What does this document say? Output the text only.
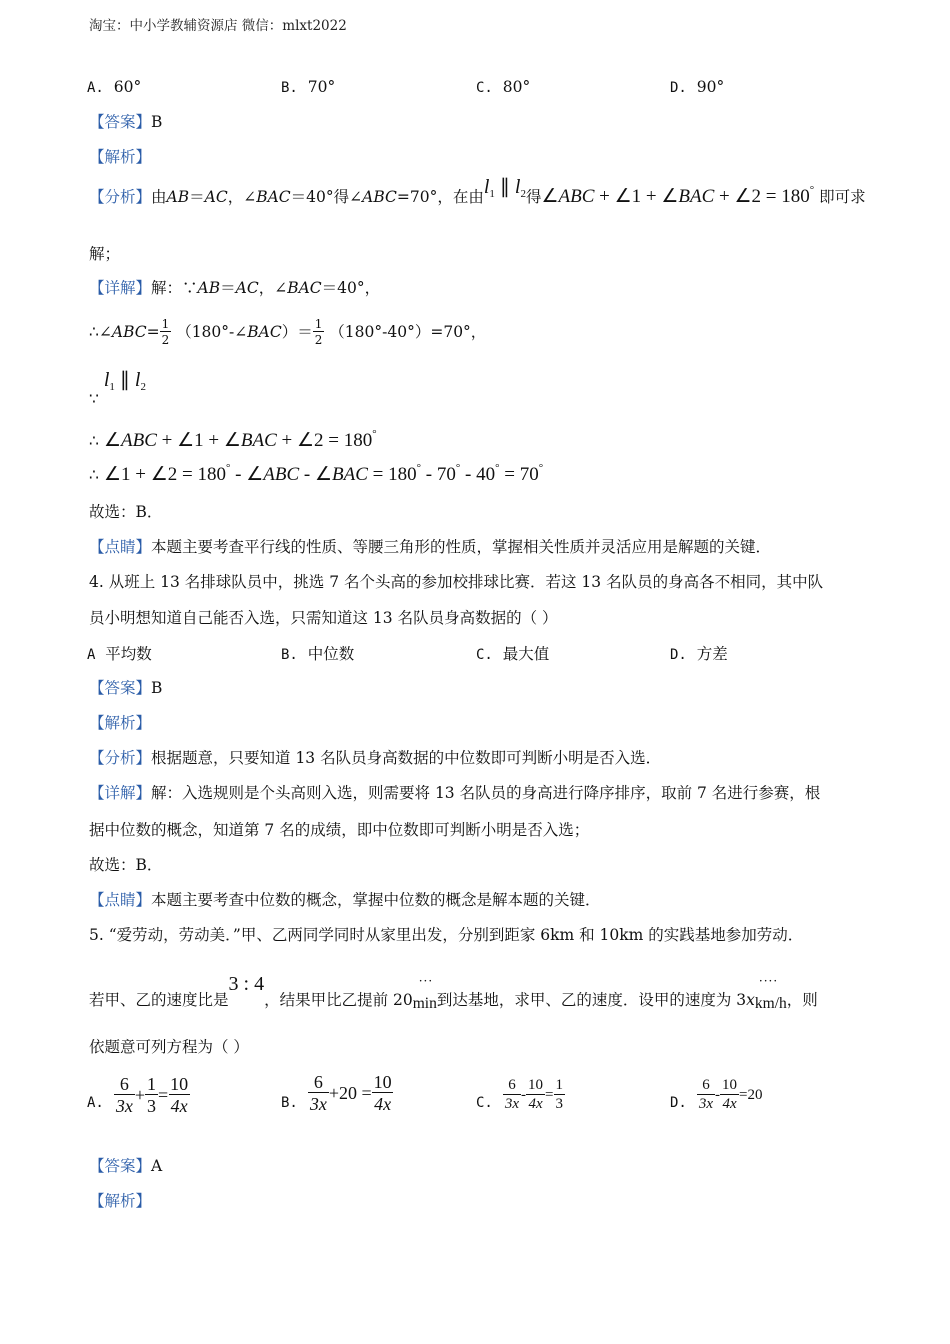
淘宝：中小学教辅资源店 微信：mlxt2022
A. 60°	B. 70°	C. 80°	D. 90°
【答案】B
【解析】
【分析】 由 AB ＝ AC ，∠ BAC ＝40°得∠ ABC =70°，在由 $l_1$ ∥ $l_2$ 得 ∠ABC + ∠1 + ∠BAC + ∠2 = 180°
即可求
解；
【详解】解：∵AB＝AC，∠BAC＝40°，
∴ ∠ ABC = $\frac{1}{2}$
（180°-∠ BAC ）＝ $\frac{1}{2}$
（180°-40°）=70°，
∵ $l_1$ ∥ $l_2$
∴ ∠ABC + ∠1 + ∠BAC + ∠2 = 180°
∴ ∠1 + ∠2 = 180° - ∠ABC - ∠BAC = 180° - 70° - 40° = 70°
故选：B．
【点睛】本题主要考查平行线的性质、等腰三角形的性质，掌握相关性质并灵活应用是解题的关键．
4. 从班上 13 名排球队员中，挑选 7 名个头高的参加校排球比赛．若这 13 名队员的身高各不相同，其中队
员小明想知道自己能否入选，只需知道这 13 名队员身高数据的（ ）
A 平均数	B. 中位数	C. 最大值	D. 方差
【答案】B
【解析】
【分析】根据题意，只要知道 13 名队员身高数据的中位数即可判断小明是否入选．
【详解】解：入选规则是个头高则入选，则需要将 13 名队员的身高进行降序排序，取前 7 名进行参赛，根
据中位数的概念，知道第 7 名的成绩，即中位数即可判断小明是否入选；
故选：B．
【点睛】本题主要考查中位数的概念，掌握中位数的概念是解本题的关键．
5. “爱劳动，劳动美．”甲、乙两同学同时从家里出发，分别到距家 6km 和 10km 的实践基地参加劳动．
若甲、乙的速度比是
3 : 4
，结果甲比乙提前 20
···
min 到达基地，求甲、乙的速度．设甲的速度为 3 x
····
km/h ，则
依题意可列方程为（ ）
A. $\frac{6}{3x} + \frac{1}{3} = \frac{10}{4x}$	B. $\frac{6}{3x} +20 = \frac{10}{4x}$	C. $\frac{6}{3x} - \frac{10}{4x} = \frac{1}{3}$	D. $\frac{6}{3x} - \frac{10}{4x} =20$
【答案】A
【解析】
